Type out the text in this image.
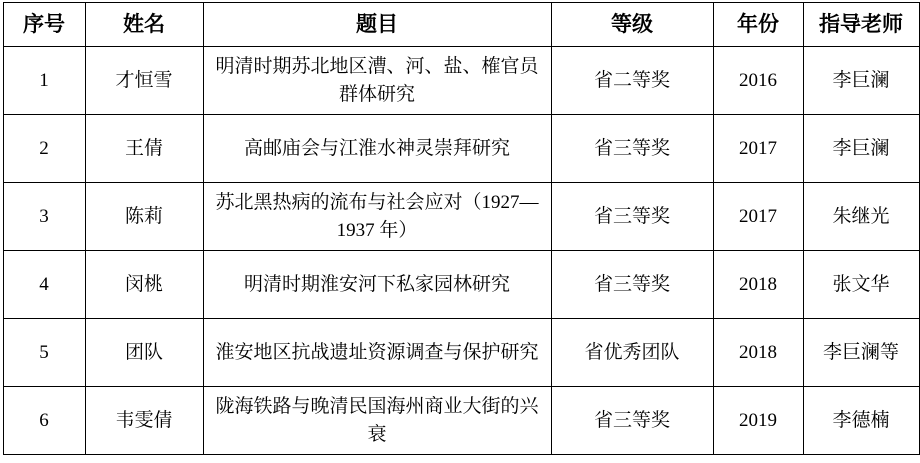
序号	姓名	题目	等级	年份	指导老师
1	才恒雪	明清时期苏北地区漕、河、盐、榷官员群体研究	省二等奖	2016	李巨澜
2	王倩	高邮庙会与江淮水神灵崇拜研究	省三等奖	2017	李巨澜
3	陈莉	苏北黑热病的流布与社会应对（1927—1937 年）	省三等奖	2017	朱继光
4	闵桃	明清时期淮安河下私家园林研究	省三等奖	2018	张文华
5	团队	淮安地区抗战遗址资源调查与保护研究	省优秀团队	2018	李巨澜等
6	韦雯倩	陇海铁路与晚清民国海州商业大街的兴衰	省三等奖	2019	李德楠
